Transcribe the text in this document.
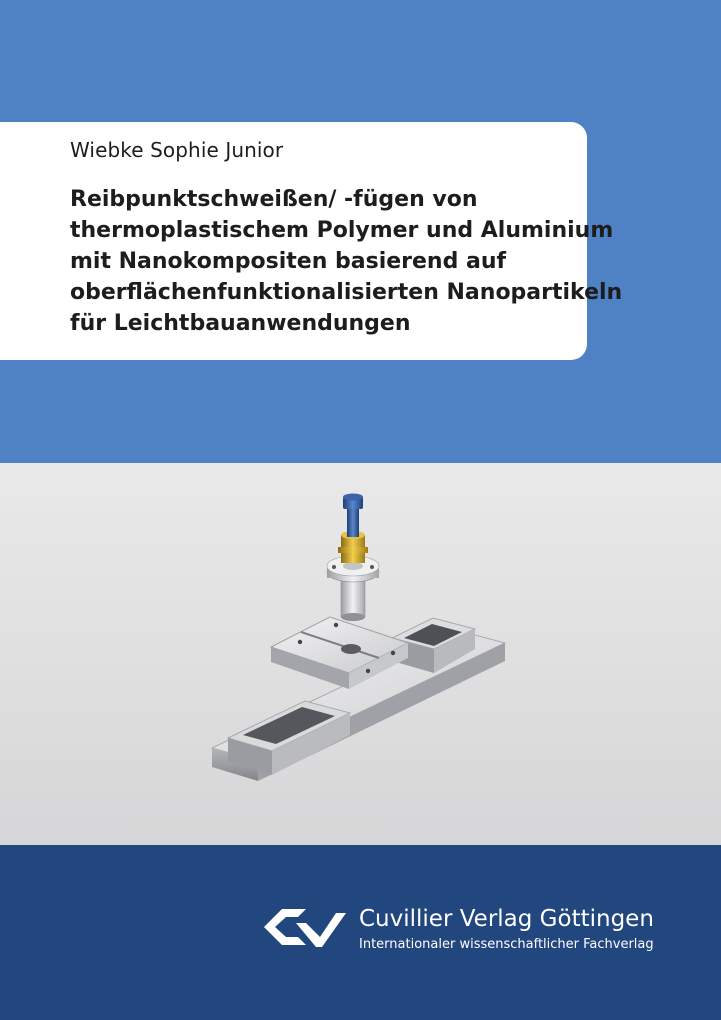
Wiebke Sophie Junior
Reibpunktschweißen/ -fügen von
thermoplastischem Polymer und Aluminium
mit Nanokompositen basierend auf
oberflächenfunktionalisierten Nanopartikeln
für Leichtbauanwendungen
Cuvillier Verlag Göttingen
Internationaler wissenschaftlicher Fachverlag
